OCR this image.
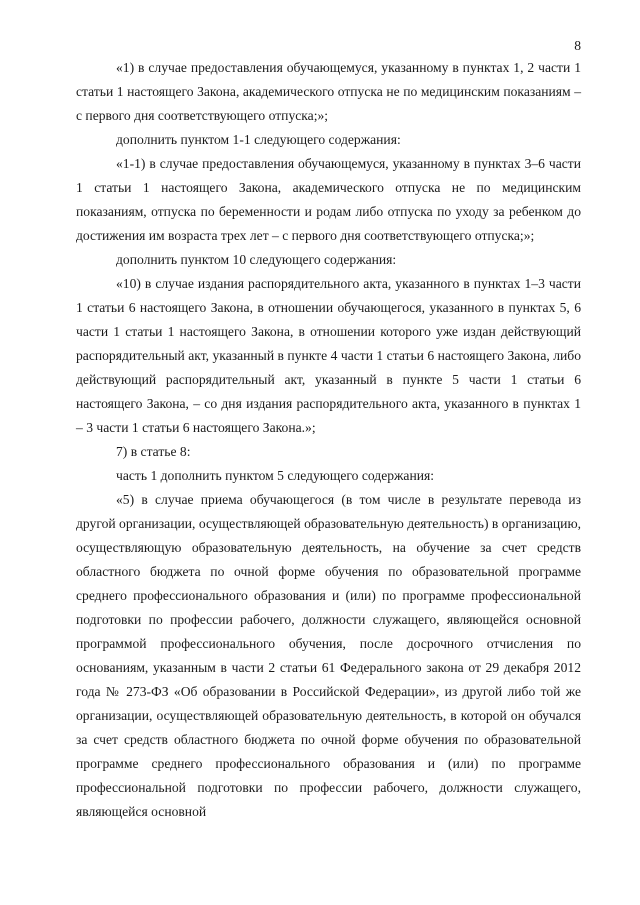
8

«1) в случае предоставления обучающемуся, указанному в пунктах 1, 2 части 1 статьи 1 настоящего Закона, академического отпуска не по медицинским показаниям – с первого дня соответствующего отпуска;»;

дополнить пунктом 1-1 следующего содержания:

«1-1) в случае предоставления обучающемуся, указанному в пунктах 3–6 части 1 статьи 1 настоящего Закона, академического отпуска не по медицинским показаниям, отпуска по беременности и родам либо отпуска по уходу за ребенком до достижения им возраста трех лет – с первого дня соответствующего отпуска;»;

дополнить пунктом 10 следующего содержания:

«10) в случае издания распорядительного акта, указанного в пунктах 1–3 части 1 статьи 6 настоящего Закона, в отношении обучающегося, указанного в пунктах 5, 6 части 1 статьи 1 настоящего Закона, в отношении которого уже издан действующий распорядительный акт, указанный в пункте 4 части 1 статьи 6 настоящего Закона, либо действующий распорядительный акт, указанный в пункте 5 части 1 статьи 6 настоящего Закона, – со дня издания распорядительного акта, указанного в пунктах 1 – 3 части 1 статьи 6 настоящего Закона.»;

7) в статье 8:

часть 1 дополнить пунктом 5 следующего содержания:

«5) в случае приема обучающегося (в том числе в результате перевода из другой организации, осуществляющей образовательную деятельность) в организацию, осуществляющую образовательную деятельность, на обучение за счет средств областного бюджета по очной форме обучения по образовательной программе среднего профессионального образования и (или) по программе профессиональной подготовки по профессии рабочего, должности служащего, являющейся основной программой профессионального обучения, после досрочного отчисления по основаниям, указанным в части 2 статьи 61 Федерального закона от 29 декабря 2012 года № 273-ФЗ «Об образовании в Российской Федерации», из другой либо той же организации, осуществляющей образовательную деятельность, в которой он обучался за счет средств областного бюджета по очной форме обучения по образовательной программе среднего профессионального образования и (или) по программе профессиональной подготовки по профессии рабочего, должности служащего, являющейся основной
